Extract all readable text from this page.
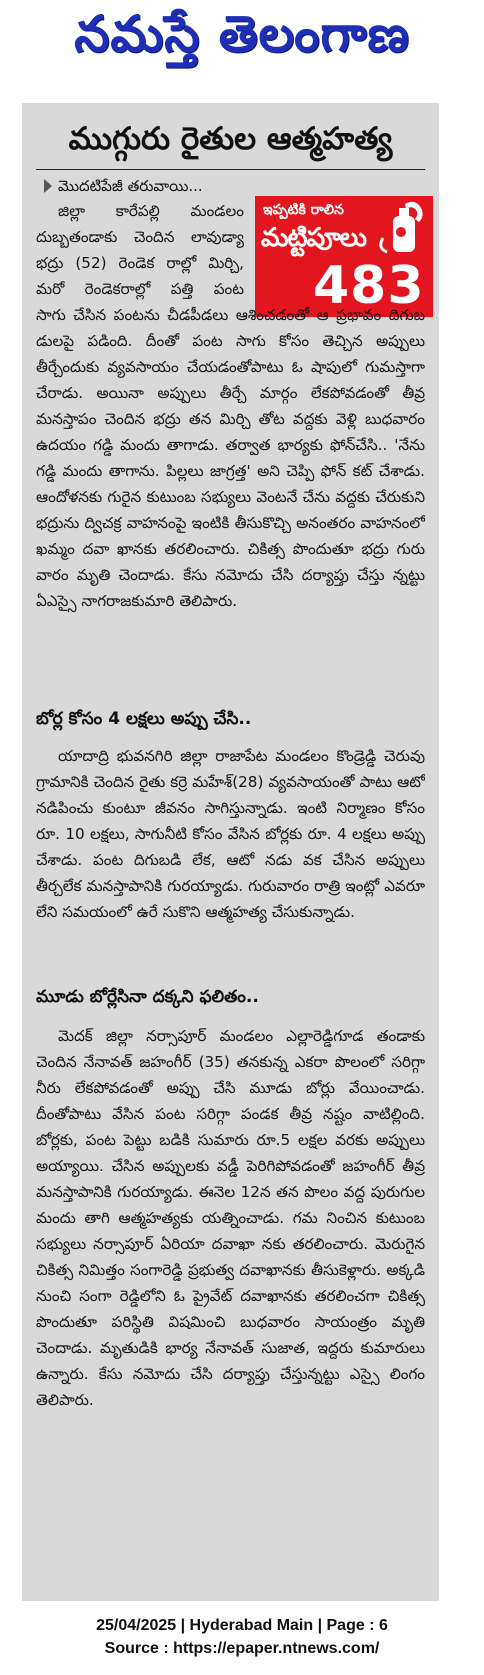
నమస్తే తెలంగాణ
ముగ్గురు రైతుల ఆత్మహత్య
మొదటిపేజీ తరువాయి...
ఇప్పటికి రాలిన
మట్టిపూలు
483
జిల్లా కారేపల్లి మండలం దుబ్బతండాకు చెందిన లావుడ్యా భద్రు (52) రెండెక రాల్లో మిర్చి, మరో రెండెకరాల్లో పత్తి పంట
సాగు చేసిన పంటను చీడపీడలు ఆశించడంతో ఆ ప్రభావం దిగుబ డులపై పడింది. దీంతో పంట సాగు కోసం తెచ్చిన అప్పులు తీర్చేందుకు వ్యవసాయం చేయడంతోపాటు ఓ షాపులో గుమస్తాగా చేరాడు. అయినా అప్పులు తీర్చే మార్గం లేకపోవడంతో తీవ్ర మనస్తాపం చెందిన భద్రు తన మిర్చి తోట వద్దకు వెళ్లి బుధవారం ఉదయం గడ్డి మందు తాగాడు. తర్వాత భార్యకు ఫోన్‌చేసి.. 'నేను గడ్డి మందు తాగాను. పిల్లలు జాగ్రత్త' అని చెప్పి ఫోన్ కట్ చేశాడు. ఆందోళనకు గురైన కుటుంబ సభ్యులు వెంటనే చేను వద్దకు చేరుకుని భద్రును ద్విచక్ర వాహనంపై ఇంటికి తీసుకొచ్చి అనంతరం వాహనంలో ఖమ్మం దవా ఖానకు తరలించారు. చికిత్స పొందుతూ భద్రు గురు వారం మృతి చెందాడు. కేసు నమోదు చేసి దర్యాప్తు చేస్తు న్నట్టు ఏఎస్సై నాగరాజకుమారి తెలిపారు.
బోర్ల కోసం 4 లక్షలు అప్పు చేసి..
యాదాద్రి భువనగిరి జిల్లా రాజాపేట మండలం కొండ్రెడ్డి చెరువు గ్రామానికి చెందిన రైతు కర్రె మహేశ్(28) వ్యవసాయంతో పాటు ఆటో నడిపించు కుంటూ జీవనం సాగిస్తున్నాడు. ఇంటి నిర్మాణం కోసం రూ. 10 లక్షలు, సాగునీటి కోసం వేసిన బోర్లకు రూ. 4 లక్షలు అప్పు చేశాడు. పంట దిగుబడి లేక, ఆటో నడు వక చేసిన అప్పులు తీర్చలేక మనస్తాపానికి గురయ్యాడు. గురువారం రాత్రి ఇంట్లో ఎవరూ లేని సమయంలో ఉరే సుకొని ఆత్మహత్య చేసుకున్నాడు.
మూడు బోర్లేసినా దక్కని ఫలితం..
మెదక్ జిల్లా నర్సాపూర్ మండలం ఎల్లారెడ్డిగూడ తండాకు చెందిన నేనావత్ జహంగీర్ (35) తనకున్న ఎకరా పొలంలో సరిగ్గా నీరు లేకపోవడంతో అప్పు చేసి మూడు బోర్లు వేయించాడు. దీంతోపాటు వేసిన పంట సరిగ్గా పండక తీవ్ర నష్టం వాటిల్లింది. బోర్లకు, పంట పెట్టు బడికి సుమారు రూ.5 లక్షల వరకు అప్పులు అయ్యాయి. చేసిన అప్పులకు వడ్డీ పెరిగిపోవడంతో జహంగీర్ తీవ్ర మనస్తాపానికి గురయ్యాడు. ఈనెల 12న తన పొలం వద్ద పురుగుల మందు తాగి ఆత్మహత్యకు యత్నించాడు. గమ నించిన కుటుంబ సభ్యులు నర్సాపూర్ ఏరియా దవాఖా నకు తరలించారు. మెరుగైన చికిత్స నిమిత్తం సంగారెడ్డి ప్రభుత్వ దవాఖానకు తీసుకెళ్లారు. అక్కడి నుంచి సంగా రెడ్డిలోని ఓ ప్రైవేట్ దవాఖానకు తరలించగా చికిత్స పొందుతూ పరిస్థితి విషమించి బుధవారం సాయంత్రం మృతి చెందాడు. మృతుడికి భార్య నేనావత్ సుజాత, ఇద్దరు కుమారులు ఉన్నారు. కేసు నమోదు చేసి దర్యాప్తు చేస్తున్నట్టు ఎస్సై లింగం తెలిపారు.
25/04/2025 | Hyderabad Main | Page : 6
Source : https://epaper.ntnews.com/
